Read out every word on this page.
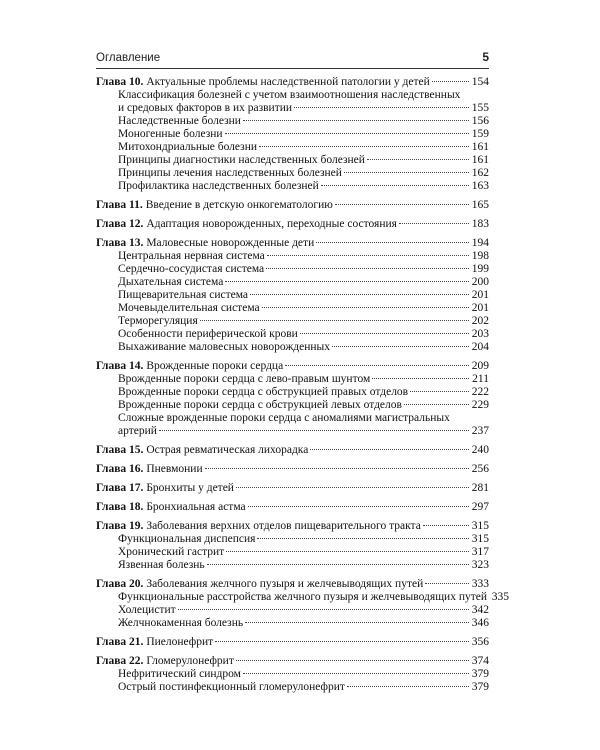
Оглавление	5
Глава 10. Актуальные проблемы наследственной патологии у детей	154
Классификация болезней с учетом взаимоотношения наследственных
и средовых факторов в их развитии	155
Наследственные болезни	156
Моногенные болезни	159
Митохондриальные болезни	161
Принципы диагностики наследственных болезней	161
Принципы лечения наследственных болезней	162
Профилактика наследственных болезней	163
Глава 11. Введение в детскую онкогематологию	165
Глава 12. Адаптация новорожденных, переходные состояния	183
Глава 13. Маловесные новорожденные дети	194
Центральная нервная система	198
Сердечно-сосудистая система	199
Дыхательная система	200
Пищеварительная система	201
Мочевыделительная система	201
Терморегуляция	202
Особенности периферической крови	203
Выхаживание маловесных новорожденных	204
Глава 14. Врожденные пороки сердца	209
Врожденные пороки сердца с лево-правым шунтом	211
Врожденные пороки сердца с обструкцией правых отделов	222
Врожденные пороки сердца с обструкцией левых отделов	229
Сложные врожденные пороки сердца с аномалиями магистральных
артерий	237
Глава 15. Острая ревматическая лихорадка	240
Глава 16. Пневмонии	256
Глава 17. Бронхиты у детей	281
Глава 18. Бронхиальная астма	297
Глава 19. Заболевания верхних отделов пищеварительного тракта	315
Функциональная диспепсия	315
Хронический гастрит	317
Язвенная болезнь	323
Глава 20. Заболевания желчного пузыря и желчевыводящих путей	333
Функциональные расстройства желчного пузыря и желчевыводящих путей 335
Холецистит	342
Желчнокаменная болезнь	346
Глава 21. Пиелонефрит	356
Глава 22. Гломерулонефрит	374
Нефритический синдром	379
Острый постинфекционный гломерулонефрит	379
